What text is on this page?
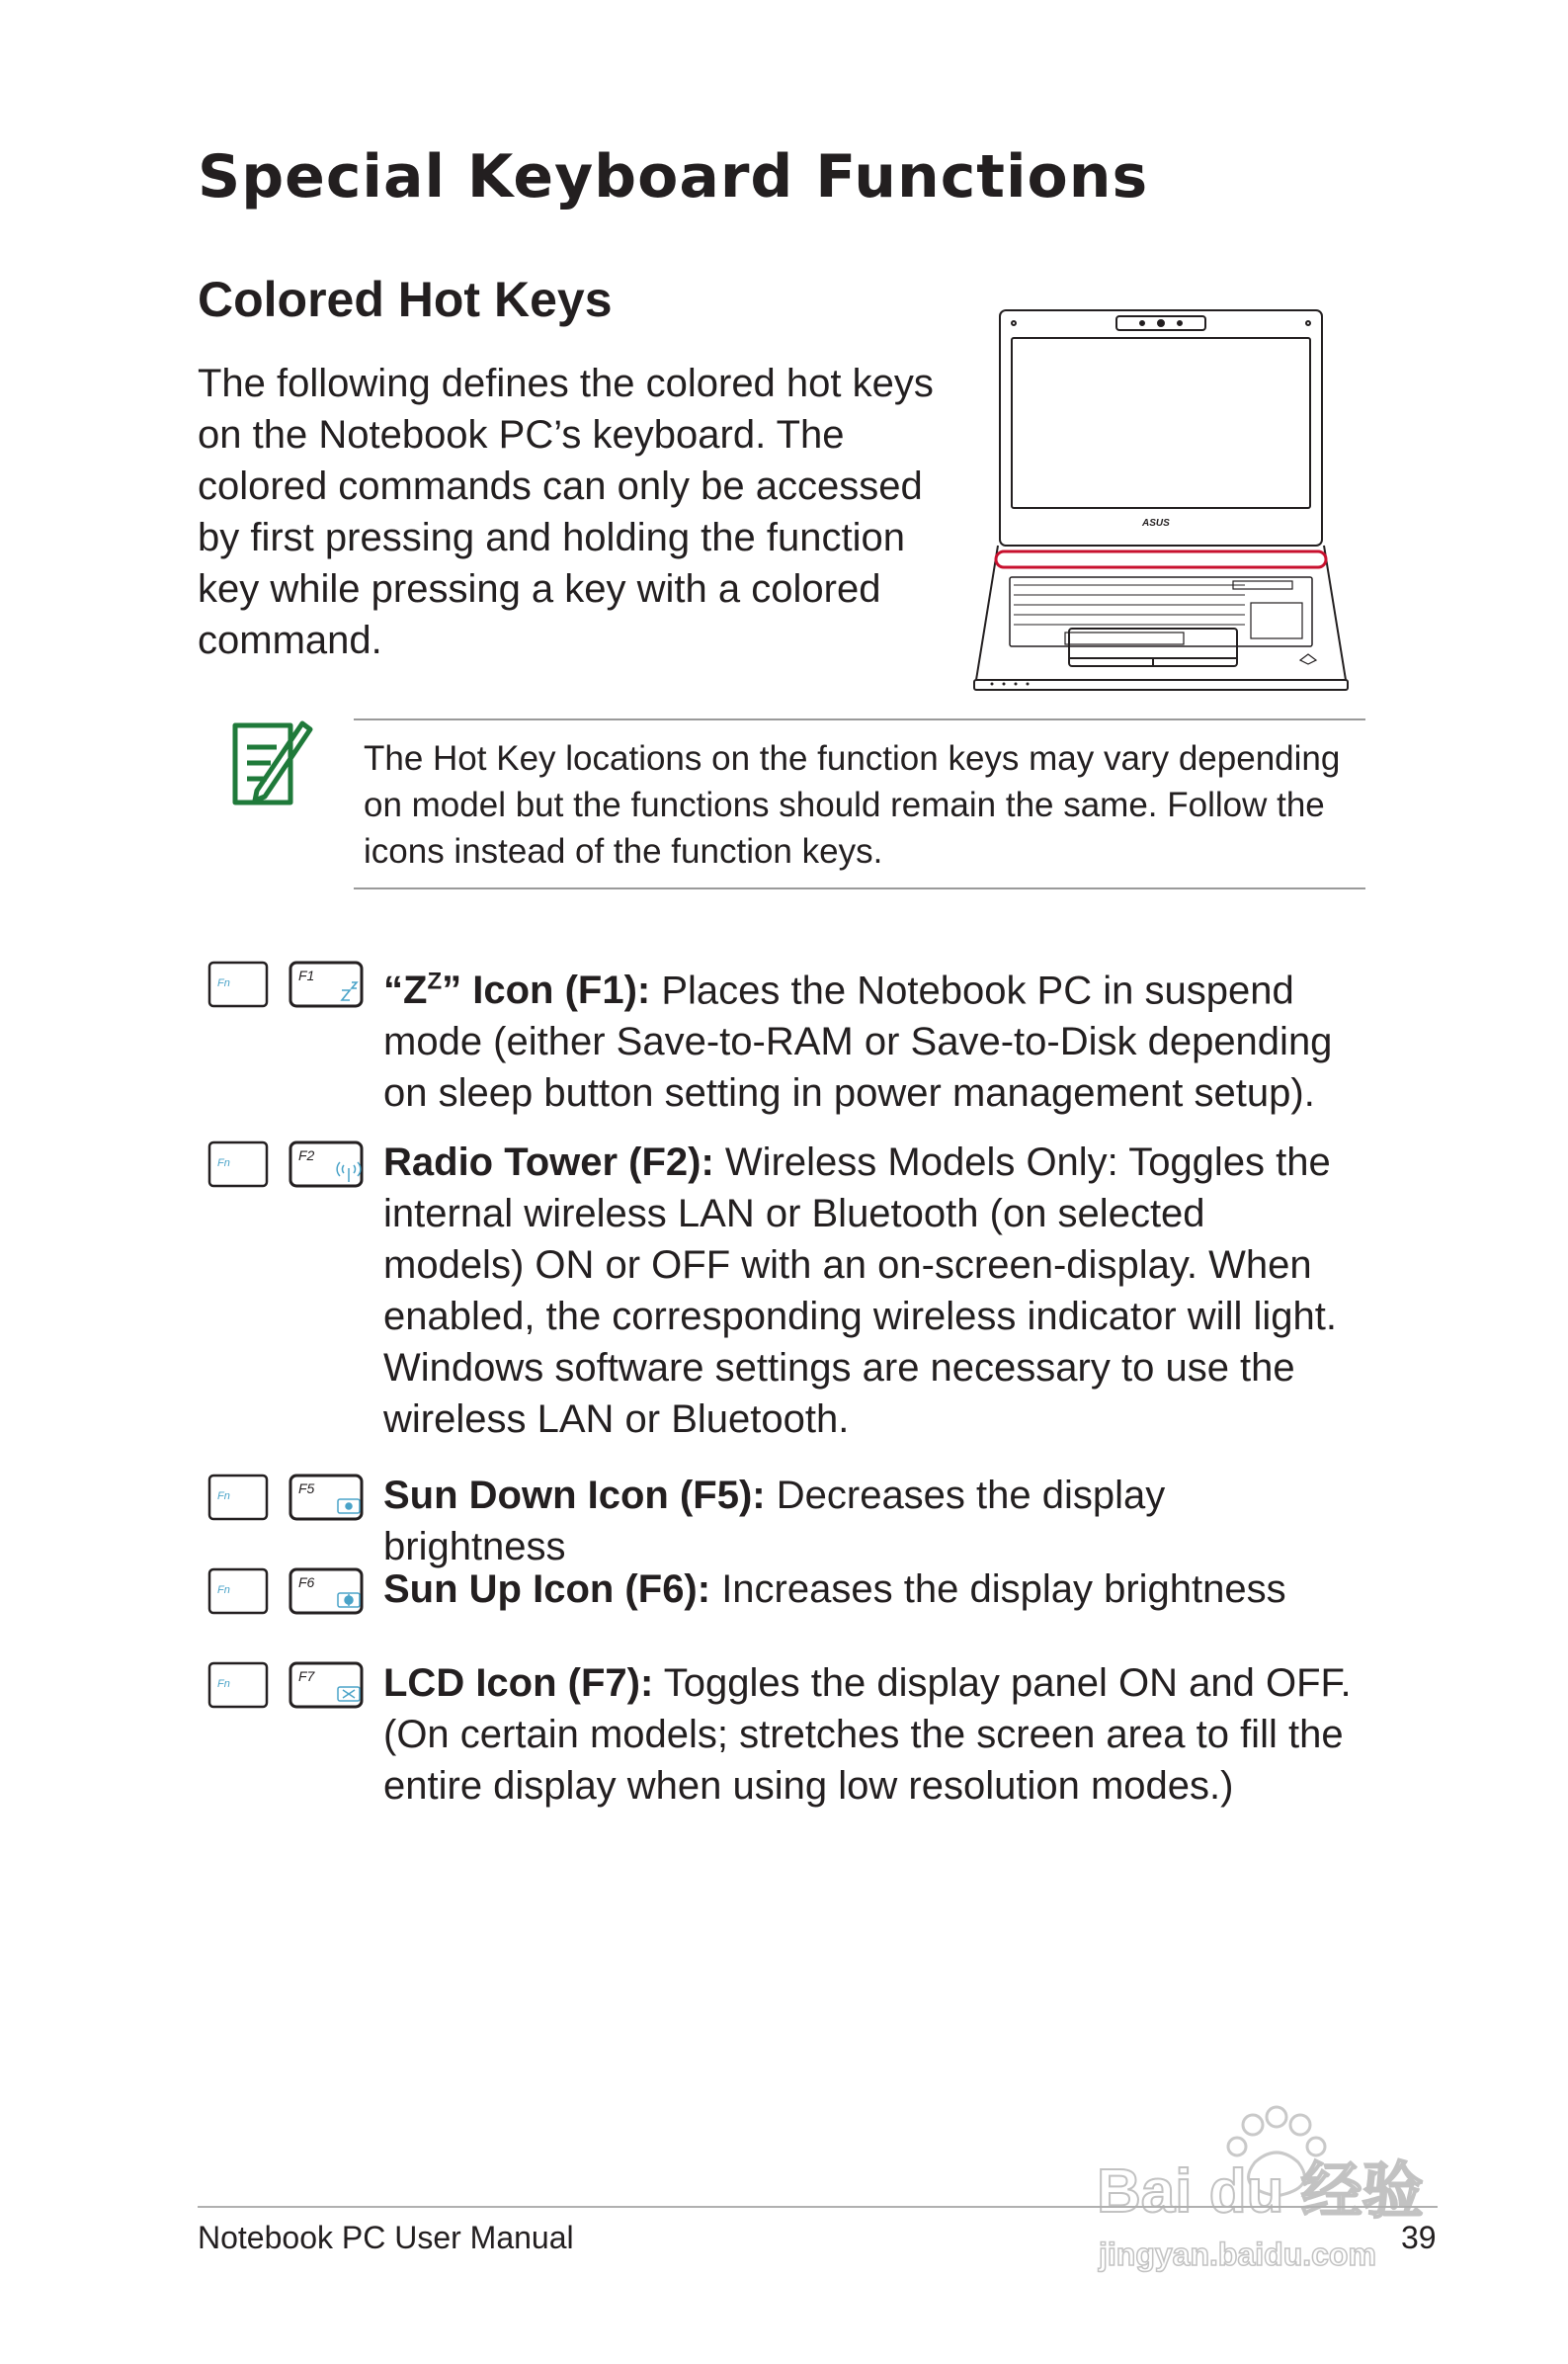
Special Keyboard Functions
Colored Hot Keys

The following defines the colored hot keys on the Notebook PC’s keyboard. The colored commands can only be accessed by first pressing and holding the function key while pressing a key with a colored command.

ASUS

The Hot Key locations on the function keys may vary depending on model but the functions should remain the same. Follow the icons instead of the function keys.

Fn	F1 “$Z^Z$” Icon (F1): Places the Notebook PC in suspend mode (either Save-to-RAM or Save-to-Disk depending on sleep button setting in power management setup).

Fn	F2 Radio Tower (F2): Wireless Models Only: Toggles the internal wireless LAN or Bluetooth (on selected models) ON or OFF with an on-screen-display. When enabled, the corresponding wireless indicator will light. Windows software settings are necessary to use the wireless LAN or Bluetooth.

Fn	F5 Sun Down Icon (F5): Decreases the display brightness

Fn	F6 Sun Up Icon (F6): Increases the display brightness

Fn	F7 LCD Icon (F7): Toggles the display panel ON and OFF. (On certain models; stretches the screen area to fill the entire display when using low resolution modes.)

Bai du 经验
jingyan.baidu.com
Notebook PC User Manual	39
